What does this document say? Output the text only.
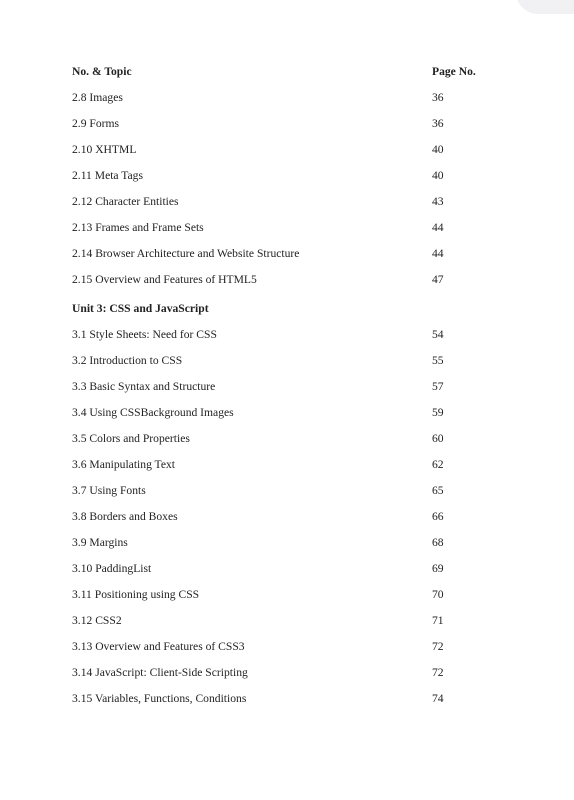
No. & Topic	Page No.
2.8 Images	36
2.9 Forms	36
2.10 XHTML	40
2.11 Meta Tags	40
2.12 Character Entities	43
2.13 Frames and Frame Sets	44
2.14 Browser Architecture and Website Structure	44
2.15 Overview and Features of HTML5	47
Unit 3: CSS and JavaScript
3.1 Style Sheets: Need for CSS	54
3.2 Introduction to CSS	55
3.3 Basic Syntax and Structure	57
3.4 Using CSSBackground Images	59
3.5 Colors and Properties	60
3.6 Manipulating Text	62
3.7 Using Fonts	65
3.8 Borders and Boxes	66
3.9 Margins	68
3.10 PaddingList	69
3.11 Positioning using CSS	70
3.12 CSS2	71
3.13 Overview and Features of CSS3	72
3.14 JavaScript: Client-Side Scripting	72
3.15 Variables, Functions, Conditions	74
